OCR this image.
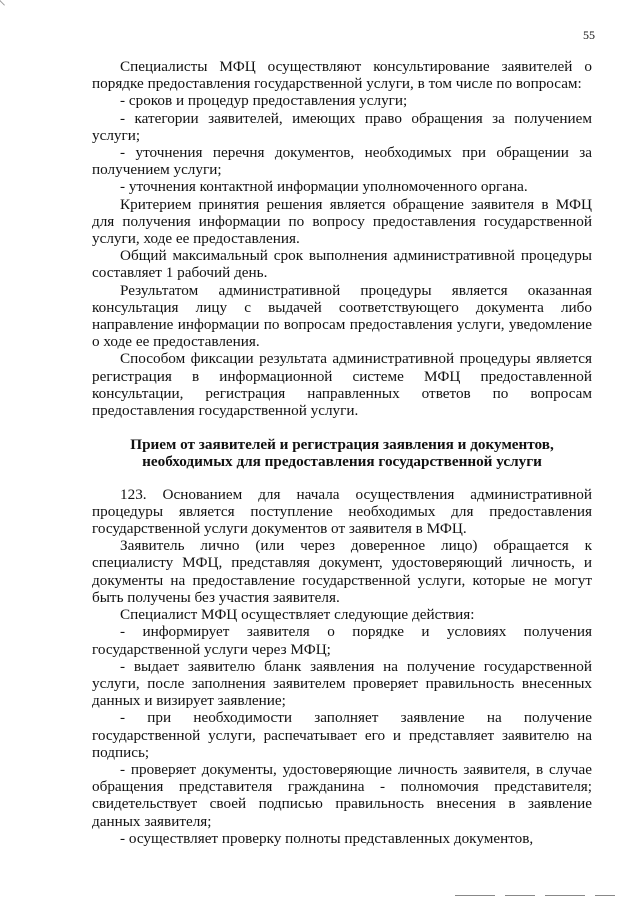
55

Специалисты МФЦ осуществляют консультирование заявителей о порядке предоставления государственной услуги, в том числе по вопросам:

- сроков и процедур предоставления услуги;

- категории заявителей, имеющих право обращения за получением услуги;

- уточнения перечня документов, необходимых при обращении за получением услуги;

- уточнения контактной информации уполномоченного органа.

Критерием принятия решения является обращение заявителя в МФЦ для получения информации по вопросу предоставления государственной услуги, ходе ее предоставления.

Общий максимальный срок выполнения административной процедуры составляет 1 рабочий день.

Результатом административной процедуры является оказанная консультация лицу с выдачей соответствующего документа либо направление информации по вопросам предоставления услуги, уведомление о ходе ее предоставления.

Способом фиксации результата административной процедуры является регистрация в информационной системе МФЦ предоставленной консультации, регистрация направленных ответов по вопросам предоставления государственной услуги.

Прием от заявителей и регистрация заявления и документов, необходимых для предоставления государственной услуги

123. Основанием для начала осуществления административной процедуры является поступление необходимых для предоставления государственной услуги документов от заявителя в МФЦ.

Заявитель лично (или через доверенное лицо) обращается к специалисту МФЦ, представляя документ, удостоверяющий личность, и документы на предоставление государственной услуги, которые не могут быть получены без участия заявителя.

Специалист МФЦ осуществляет следующие действия:

- информирует заявителя о порядке и условиях получения государственной услуги через МФЦ;

- выдает заявителю бланк заявления на получение государственной услуги, после заполнения заявителем проверяет правильность внесенных данных и визирует заявление;

- при необходимости заполняет заявление на получение государственной услуги, распечатывает его и представляет заявителю на подпись;

- проверяет документы, удостоверяющие личность заявителя, в случае обращения представителя гражданина - полномочия представителя; свидетельствует своей подписью правильность внесения в заявление данных заявителя;

- осуществляет проверку полноты представленных документов,
